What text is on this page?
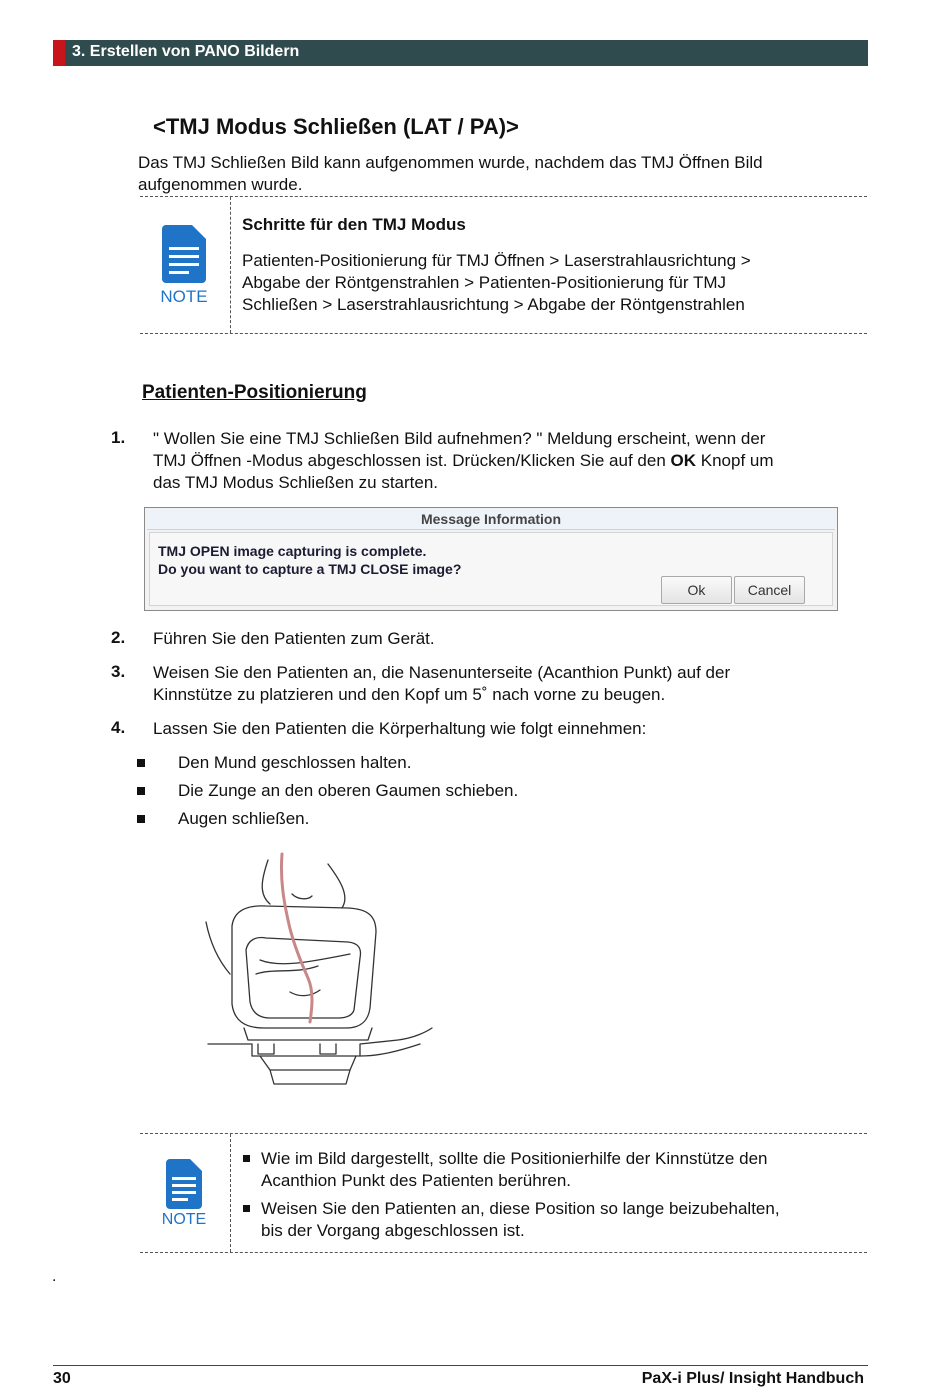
3. Erstellen von PANO Bildern
<TMJ Modus Schließen (LAT / PA)>
Das TMJ Schließen Bild kann aufgenommen wurde, nachdem das TMJ Öffnen Bild
aufgenommen wurde.
NOTE
Schritte für den TMJ Modus
Patienten-Positionierung für TMJ Öffnen > Laserstrahlausrichtung >
Abgabe der Röntgenstrahlen > Patienten-Positionierung für TMJ
Schließen > Laserstrahlausrichtung > Abgabe der Röntgenstrahlen
Patienten-Positionierung
1. " Wollen Sie eine TMJ Schließen Bild aufnehmen? " Meldung erscheint, wenn der
TMJ Öffnen -Modus abgeschlossen ist. Drücken/Klicken Sie auf den OK Knopf um
das TMJ Modus Schließen zu starten.
Message Information
TMJ OPEN image capturing is complete.
Do you want to capture a TMJ CLOSE image?
Ok	Cancel
2. Führen Sie den Patienten zum Gerät.
3. Weisen Sie den Patienten an, die Nasenunterseite (Acanthion Punkt) auf der
Kinnstütze zu platzieren und den Kopf um 5˚ nach vorne zu beugen.
4. Lassen Sie den Patienten die Körperhaltung wie folgt einnehmen:
Den Mund geschlossen halten.
Die Zunge an den oberen Gaumen schieben.
Augen schließen.
NOTE
Wie im Bild dargestellt, sollte die Positionierhilfe der Kinnstütze den
Acanthion Punkt des Patienten berühren.
Weisen Sie den Patienten an, diese Position so lange beizubehalten,
bis der Vorgang abgeschlossen ist.
.
30	PaX-i Plus/ Insight Handbuch
